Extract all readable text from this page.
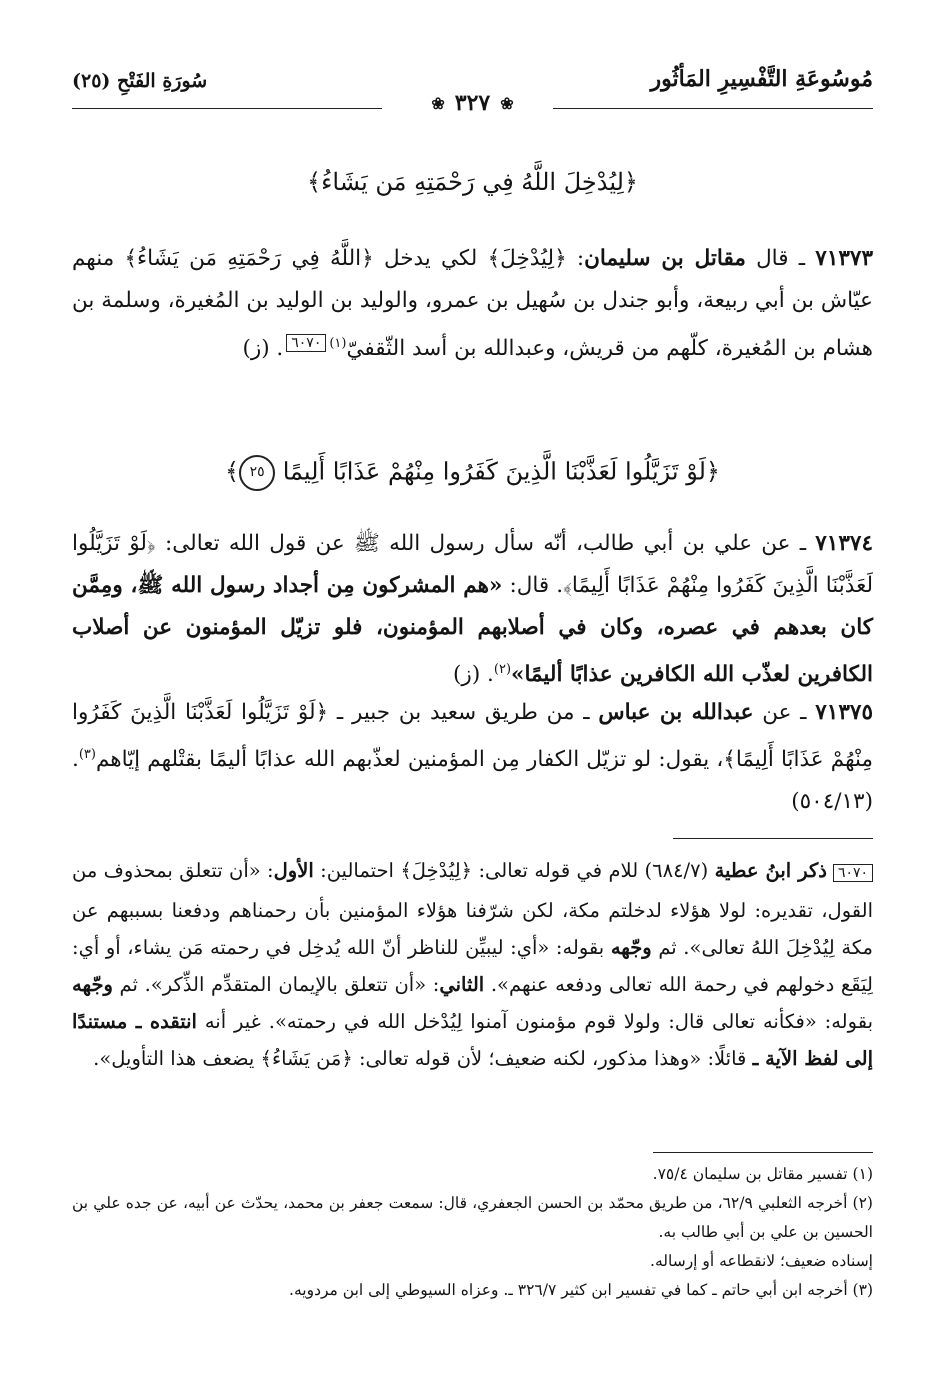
مُوسُوعَةِ التَّفْسِيرِ المَأثُور
سُورَةِ الفَتْحِ (٢٥)
❀
٣٢٧
❀
﴿لِيُدْخِلَ اللَّهُ فِي رَحْمَتِهِ مَن يَشَاءُ﴾
٧١٣٧٣ ـ قال مقاتل بن سليمان: ﴿لِيُدْخِلَ﴾ لكي يدخل ﴿اللَّهُ فِي رَحْمَتِهِ مَن يَشَاءُ﴾ منهم عيّاش بن أبي ربيعة، وأبو جندل بن سُهيل بن عمرو، والوليد بن الوليد بن المُغيرة، وسلمة بن هشام بن المُغيرة، كلّهم من قريش، وعبدالله بن أسد الثّقفيّ$^{(١)٦٠٧٠}$. (ز)
﴿لَوْ تَزَيَّلُوا لَعَذَّبْنَا الَّذِينَ كَفَرُوا مِنْهُمْ عَذَابًا أَلِيمًا ٢٥﴾
٧١٣٧٤ ـ عن علي بن أبي طالب، أنّه سأل رسول الله ﷺ عن قول الله تعالى: ﴿لَوْ تَزَيَّلُوا لَعَذَّبْنَا الَّذِينَ كَفَرُوا مِنْهُمْ عَذَابًا أَلِيمًا﴾. قال: «هم المشركون مِن أجداد رسول الله ﷺ، ومِمَّن كان بعدهم في عصره، وكان في أصلابهم المؤمنون، فلو تزيّل المؤمنون عن أصلاب الكافرين لعذّب الله الكافرين عذابًا أليمًا»$^{(٢)}$. (ز)
٧١٣٧٥ ـ عن عبدالله بن عباس ـ من طريق سعيد بن جبير ـ ﴿لَوْ تَزَيَّلُوا لَعَذَّبْنَا الَّذِينَ كَفَرُوا مِنْهُمْ عَذَابًا أَلِيمًا﴾، يقول: لو تزيّل الكفار مِن المؤمنين لعذّبهم الله عذابًا أليمًا بقتْلهم إيّاهم$^{(٣)}$. (٥٠٤/١٣)
٦٠٧٠ذكر ابنُ عطية (٦٨٤/٧) للام في قوله تعالى: ﴿لِيُدْخِلَ﴾ احتمالين: الأول: «أن تتعلق بمحذوف من القول، تقديره: لولا هؤلاء لدخلتم مكة، لكن شرّفنا هؤلاء المؤمنين بأن رحمناهم ودفعنا بسببهم عن مكة لِيُدْخِلَ اللهُ تعالى». ثم وجّهه بقوله: «أي: ليبيِّن للناظر أنّ الله يُدخِل في رحمته مَن يشاء، أو أي: لِيَقَع دخولهم في رحمة الله تعالى ودفعه عنهم». الثاني: «أن تتعلق بالإيمان المتقدِّم الذِّكر». ثم وجّهه بقوله: «فكأنه تعالى قال: ولولا قوم مؤمنون آمنوا لِيُدْخل الله في رحمته». غير أنه انتقده ـ مستندًا إلى لفظ الآية ـ قائلًا: «وهذا مذكور، لكنه ضعيف؛ لأن قوله تعالى: ﴿مَن يَشَاءُ﴾ يضعف هذا التأويل».
(١) تفسير مقاتل بن سليمان ٧٥/٤.
(٢) أخرجه الثعلبي ٦٢/٩، من طريق محمّد بن الحسن الجعفري، قال: سمعت جعفر بن محمد، يحدّث عن أبيه، عن جده علي بن الحسين بن علي بن أبي طالب به.
إسناده ضعيف؛ لانقطاعه أو إرساله.
(٣) أخرجه ابن أبي حاتم ـ كما في تفسير ابن كثير ٣٢٦/٧ ـ. وعزاه السيوطي إلى ابن مردويه.
